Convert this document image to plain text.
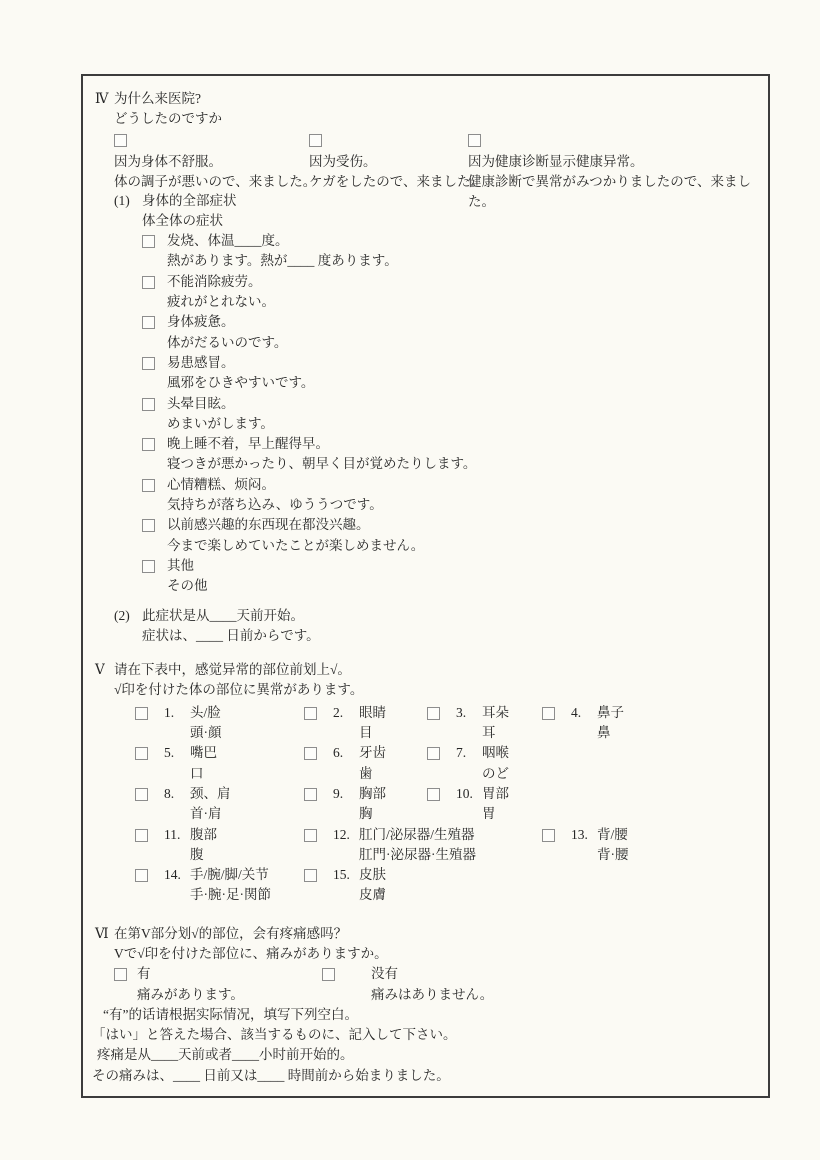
Ⅳ 为什么来医院?
どうしたのですか
因为身体不舒服。
体の調子が悪いので、来ました。
因为受伤。
ケガをしたので、来ました。
因为健康诊断显示健康异常。
健康診断で異常がみつかりましたので、来ました。
(1) 身体的全部症状
体全体の症状
发烧、体温____度。
熱があります。熱が____ 度あります。
不能消除疲劳。
疲れがとれない。
身体疲惫。
体がだるいのです。
易患感冒。
風邪をひきやすいです。
头晕目眩。
めまいがします。
晚上睡不着，早上醒得早。
寝つきが悪かったり、朝早く目が覚めたりします。
心情糟糕、烦闷。
気持ちが落ち込み、ゆううつです。
以前感兴趣的东西现在都没兴趣。
今まで楽しめていたことが楽しめません。
其他
その他
(2) 此症状是从____天前开始。
症状は、____ 日前からです。
Ⅴ 请在下表中，感觉异常的部位前划上√。
√印を付けた体の部位に異常があります。
1.	头/脸
頭·顔
2.	眼睛
目
3.	耳朵
耳
4.	鼻子
鼻
5.	嘴巴
口
6.	牙齿
歯
7.	咽喉
のど
8.	颈、肩
首·肩
9.	胸部
胸
10. 胃部
胃
11. 腹部
腹
12. 肛门/泌尿器/生殖器
肛門·泌尿器·生殖器
13. 背/腰
背·腰
14. 手/腕/脚/关节
手·腕·足·関節
15. 皮肤
皮膚
Ⅵ 在第V部分划√的部位，会有疼痛感吗？
Vで√印を付けた部位に、痛みがありますか。
有
痛みがあります。
没有
痛みはありません。
“有”的话请根据实际情况，填写下列空白。
「はい」と答えた場合、該当するものに、記入して下さい。
疼痛是从____天前或者____小时前开始的。
その痛みは、____ 日前又は____ 時間前から始まりました。
